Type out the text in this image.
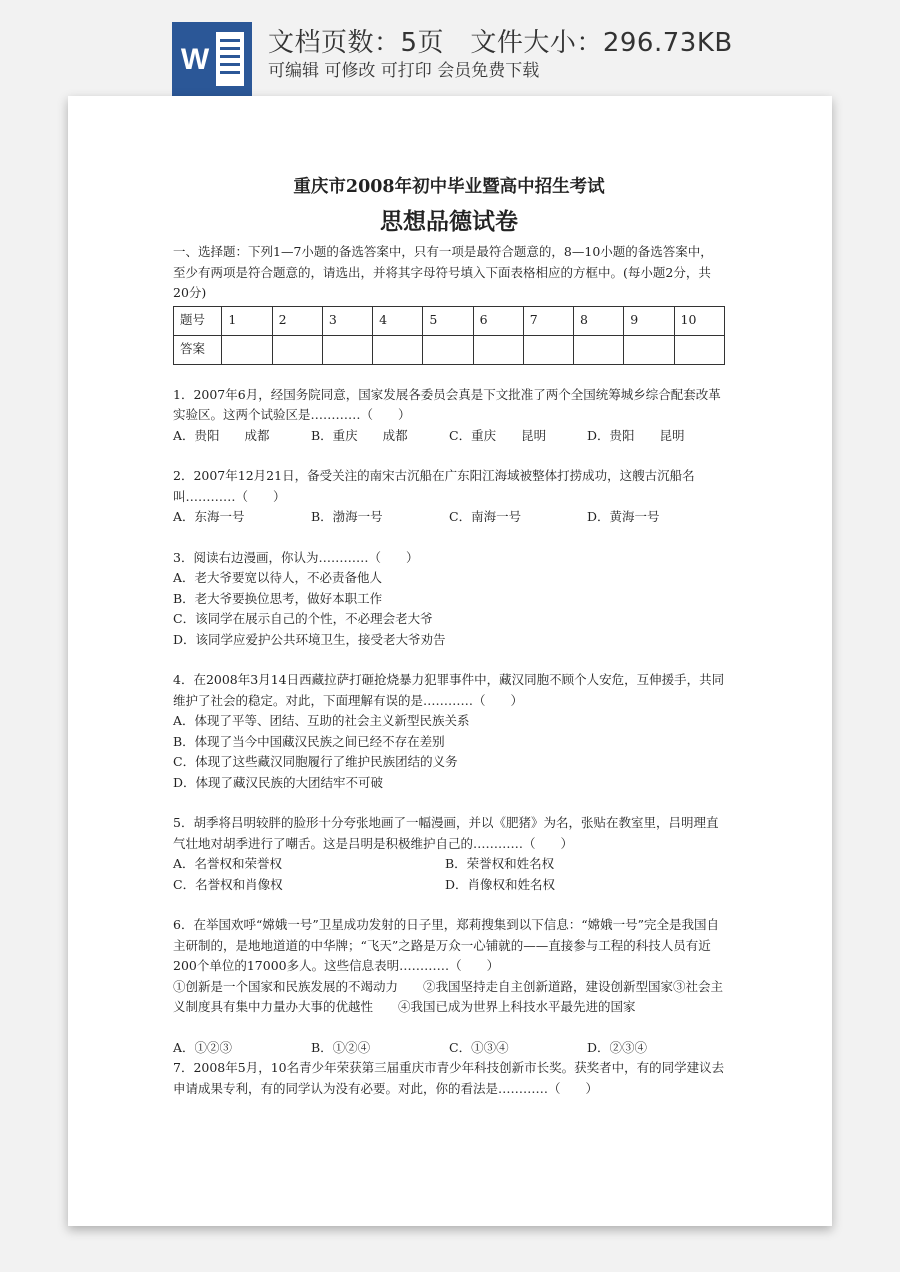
W 文档页数：5页 文件大小：296.73KB
可编辑 可修改 可打印 会员免费下载
重庆市2008年初中毕业暨高中招生考试
思想品德试卷

一、选择题：下列1—7小题的备选答案中，只有一项是最符合题意的，8—10小题的备选答案中，至少有两项是符合题意的，请选出，并将其字母符号填入下面表格相应的方框中。(每小题2分，共20分)

题号	1	2	3	4	5	6	7	8	9	10
答案										

1．2007年6月，经国务院同意，国家发展各委员会真是下文批准了两个全国统筹城乡综合配套改革实验区。这两个试验区是…………（　　）

A．贵阳　　成都	B．重庆　　成都	C．重庆　　昆明	D．贵阳　　昆明

2．2007年12月21日，备受关注的南宋古沉船在广东阳江海域被整体打捞成功，这艘古沉船名叫…………（　　）

A．东海一号	B．渤海一号	C．南海一号	D．黄海一号

3．阅读右边漫画，你认为…………（　　）

A．老大爷要宽以待人，不必责备他人

B．老大爷要换位思考，做好本职工作

C．该同学在展示自己的个性，不必理会老大爷

D．该同学应爱护公共环境卫生，接受老大爷劝告

4．在2008年3月14日西藏拉萨打砸抢烧暴力犯罪事件中，藏汉同胞不顾个人安危，互伸援手，共同维护了社会的稳定。对此，下面理解有误的是…………（　　）

A．体现了平等、团结、互助的社会主义新型民族关系

B．体现了当今中国藏汉民族之间已经不存在差别

C．体现了这些藏汉同胞履行了维护民族团结的义务

D．体现了藏汉民族的大团结牢不可破

5．胡季将吕明较胖的脸形十分夸张地画了一幅漫画，并以《肥猪》为名，张贴在教室里，吕明理直气壮地对胡季进行了嘲舌。这是吕明是积极维护自己的…………（　　）

A．名誉权和荣誉权	B．荣誉权和姓名权
C．名誉权和肖像权	D．肖像权和姓名权

6．在举国欢呼“嫦娥一号”卫星成功发射的日子里，郑莉搜集到以下信息：“嫦娥一号”完全是我国自主研制的，是地地道道的中华牌；“飞天”之路是万众一心铺就的——直接参与工程的科技人员有近200个单位的17000多人。这些信息表明…………（　　）

①创新是一个国家和民族发展的不竭动力　　②我国坚持走自主创新道路，建设创新型国家③社会主义制度具有集中力量办大事的优越性　　④我国已成为世界上科技水平最先进的国家

A．①②③	B．①②④	C．①③④	D．②③④

7．2008年5月，10名青少年荣获第三届重庆市青少年科技创新市长奖。获奖者中，有的同学建议去申请成果专利，有的同学认为没有必要。对此，你的看法是…………（　　）
